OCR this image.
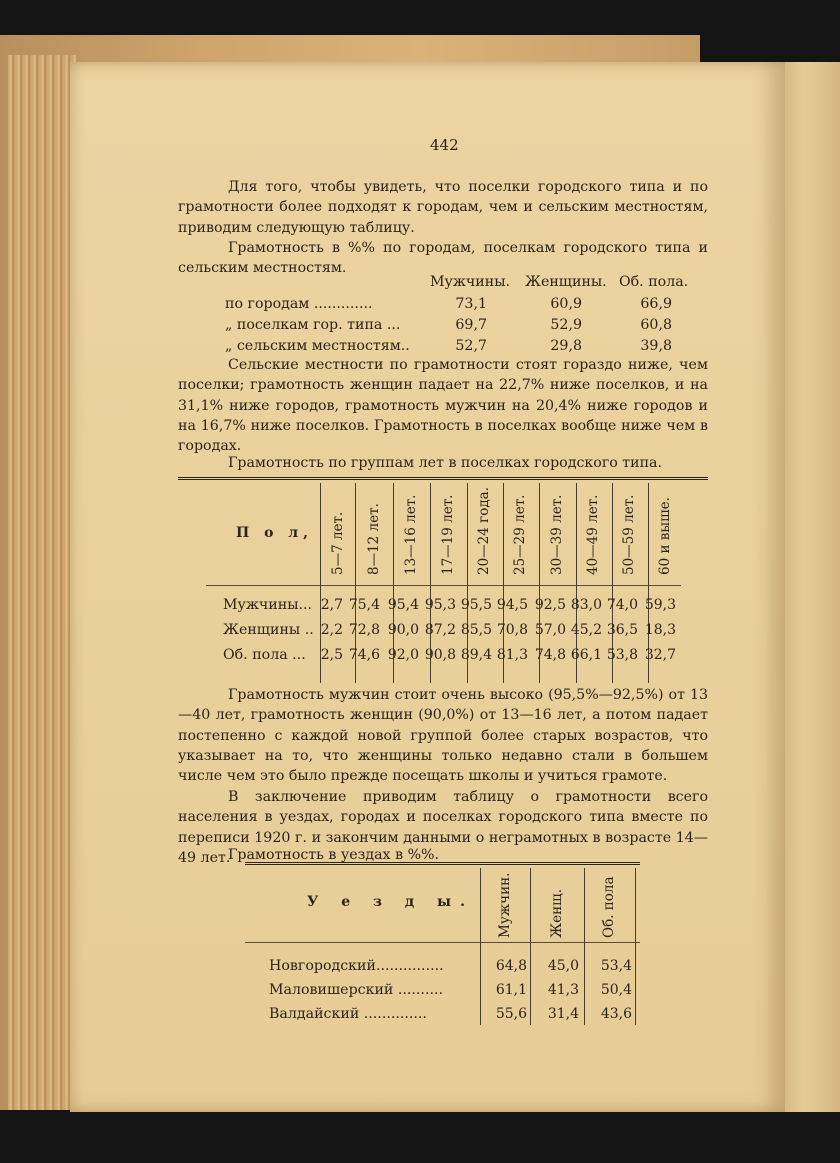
442

Для того, чтобы увидеть, что поселки городского типа и по грамотности более подходят к городам, чем и сельским местностям, приводим следующую таблицу.

Грамотность в %% по городам, поселкам городского типа и сельским местностям.

Мужчины. Женщины. Об. пола.
по городам .............	73,1	60,9	66,9
„ поселкам гор. типа ...	69,7	52,9	60,8
„ сельским местностям..	52,7	29,8	39,8

Сельские местности по грамотности стоят гораздо ниже, чем поселки; грамотность женщин падает на 22,7% ниже поселков, и на 31,1% ниже городов, грамотность мужчин на 20,4% ниже городов и на 16,7% ниже поселков. Грамотность в поселках вообще ниже чем в городах.

Грамотность по группам лет в поселках городского типа.
П о л, 5—7 лет. 8—12 лет. 13—16 лет. 17—19 лет. 20—24 года. 25—29 лет. 30—39 лет. 40—49 лет. 50—59 лет. 60 и выше.
Мужчины... 2,7 75,4 95,4 95,3 95,5 94,5 92,5 83,0 74,0 59,3
Женщины .. 2,2 72,8 90,0 87,2 85,5 70,8 57,0 45,2 36,5 18,3
Об. пола ...	2,5 74,6 92,0 90,8 89,4 81,3 74,8 66,1 53,8 32,7

Грамотность мужчин стоит очень высоко (95,5%—92,5%) от 13—40 лет, грамотность женщин (90,0%) от 13—16 лет, а потом падает постепенно с каждой новой группой более старых возрастов, что указывает на то, что женщины только недавно стали в большем числе чем это было прежде посещать школы и учиться грамоте.

В заключение приводим таблицу о грамотности всего населения в уездах, городах и поселках городского типа вместе по переписи 1920 г. и закончим данными о неграмотных в возрасте 14—49 лет.

Грамотность в уездах в %%.
У е з д ы. Мужчин.	Женщ.	Об. пола
Новгородский...............	64,8	45,0	53,4
Маловишерский ..........	61,1	41,3	50,4
Валдайский ..............	55,6	31,4	43,6
